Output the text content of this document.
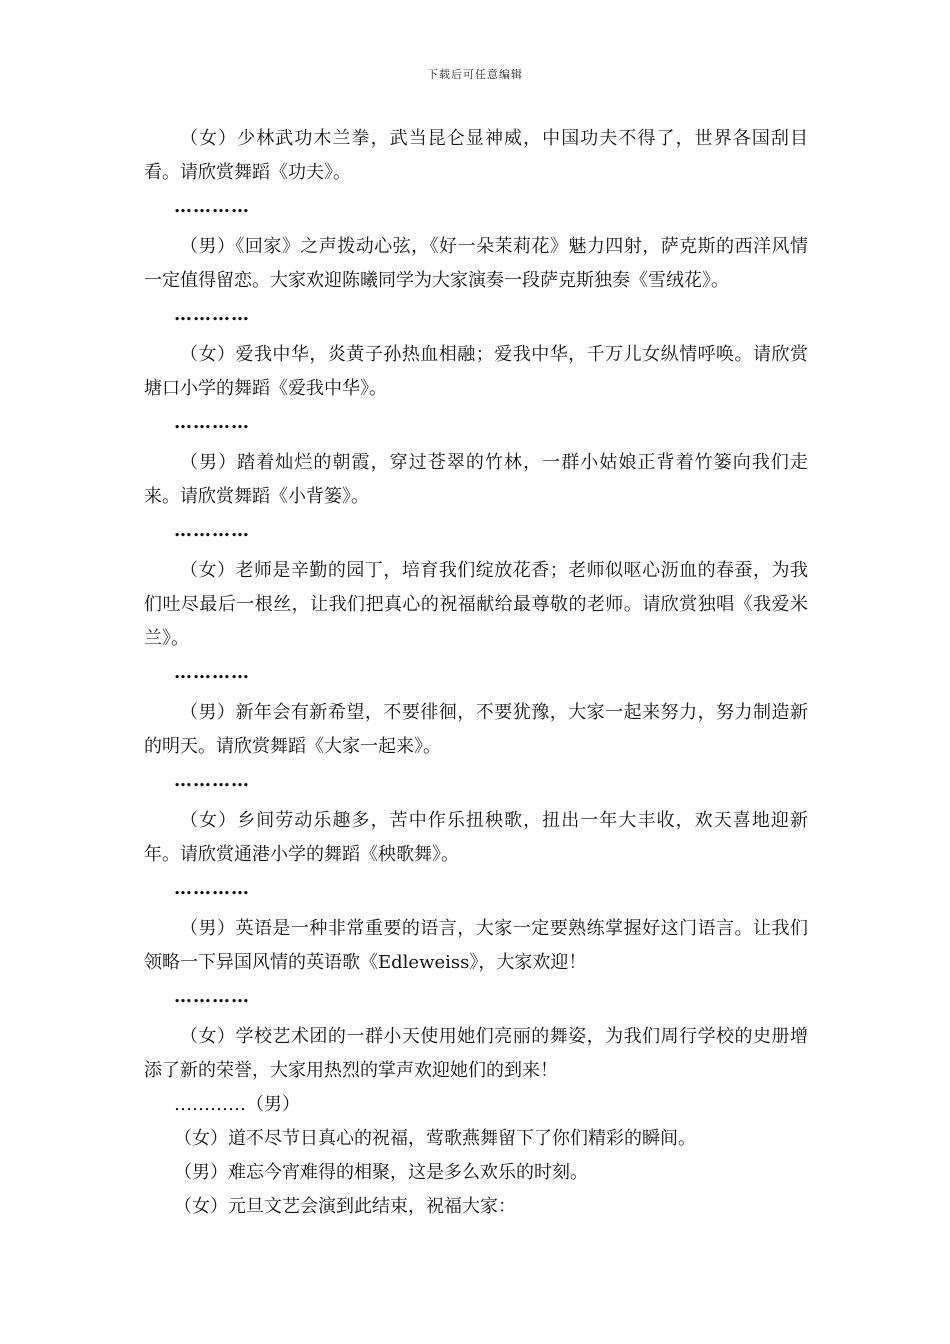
下载后可任意编辑

（女）少林武功木兰拳，武当昆仑显神威，中国功夫不得了，世界各国刮目看。请欣赏舞蹈《功夫》。

…………

（男）《回家》之声拨动心弦，《好一朵茉莉花》魅力四射，萨克斯的西洋风情一定值得留恋。大家欢迎陈曦同学为大家演奏一段萨克斯独奏《雪绒花》。

…………

（女）爱我中华，炎黄子孙热血相融；爱我中华，千万儿女纵情呼唤。请欣赏塘口小学的舞蹈《爱我中华》。

…………

（男）踏着灿烂的朝霞，穿过苍翠的竹林，一群小姑娘正背着竹篓向我们走来。请欣赏舞蹈《小背篓》。

…………

（女）老师是辛勤的园丁，培育我们绽放花香；老师似呕心沥血的春蚕，为我们吐尽最后一根丝，让我们把真心的祝福献给最尊敬的老师。请欣赏独唱《我爱米兰》。

…………

（男）新年会有新希望，不要徘徊，不要犹豫，大家一起来努力，努力制造新的明天。请欣赏舞蹈《大家一起来》。

…………

（女）乡间劳动乐趣多，苦中作乐扭秧歌，扭出一年大丰收，欢天喜地迎新年。请欣赏通港小学的舞蹈《秧歌舞》。

…………

（男）英语是一种非常重要的语言，大家一定要熟练掌握好这门语言。让我们领略一下异国风情的英语歌《Edleweiss》，大家欢迎！

…………

（女）学校艺术团的一群小天使用她们亮丽的舞姿，为我们周行学校的史册增添了新的荣誉，大家用热烈的掌声欢迎她们的到来！

…………（男）
（女）道不尽节日真心的祝福，莺歌燕舞留下了你们精彩的瞬间。
（男）难忘今宵难得的相聚，这是多么欢乐的时刻。
（女）元旦文艺会演到此结束，祝福大家：
